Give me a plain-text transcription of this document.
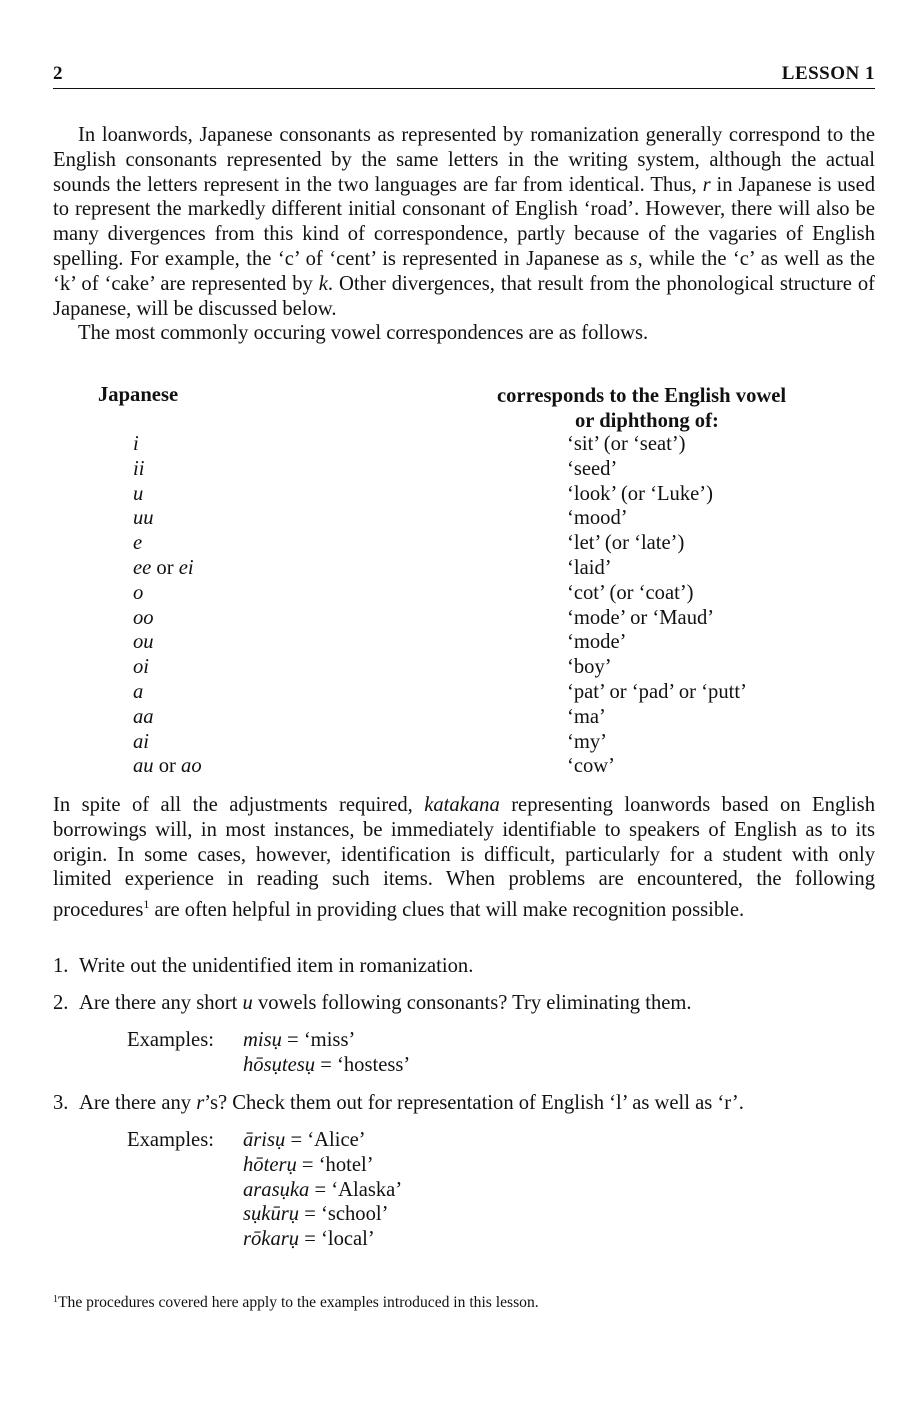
2	LESSON 1

In loanwords, Japanese consonants as represented by romanization generally correspond to the English consonants represented by the same letters in the writing system, although the actual sounds the letters represent in the two languages are far from identical. Thus, r in Japanese is used to represent the markedly different initial consonant of English ‘road’. However, there will also be many divergences from this kind of correspondence, partly because of the vagaries of English spelling. For example, the ‘c’ of ‘cent’ is represented in Japanese as s, while the ‘c’ as well as the ‘k’ of ‘cake’ are represented by k. Other divergences, that result from the phonological structure of Japanese, will be discussed below.

The most commonly occuring vowel correspondences are as follows.

Japanese	corresponds to the English vowel
or diphthong of:
i	‘sit’ (or ‘seat’)
ii	‘seed’
u	‘look’ (or ‘Luke’)
uu	‘mood’
e	‘let’ (or ‘late’)
ee or ei	‘laid’
o	‘cot’ (or ‘coat’)
oo	‘mode’ or ‘Maud’
ou	‘mode’
oi	‘boy’
a	‘pat’ or ‘pad’ or ‘putt’
aa	‘ma’
ai	‘my’
au or ao	‘cow’

In spite of all the adjustments required, katakana representing loanwords based on English borrowings will, in most instances, be immediately identifiable to speakers of English as to its origin. In some cases, however, identification is difficult, particularly for a student with only limited experience in reading such items. When problems are encountered, the following procedures$^1$ are often helpful in providing clues that will make recognition possible.

1. Write out the unidentified item in romanization.
2. Are there any short u vowels following consonants? Try eliminating them.
Examples: misụ = ‘miss’
hōsụtesụ = ‘hostess’
3. Are there any r’s? Check them out for representation of English ‘l’ as well as ‘r’.
Examples: ārisụ = ‘Alice’
hōterụ = ‘hotel’
arasụka = ‘Alaska’
sụkūrụ = ‘school’
rōkarụ = ‘local’
$^1$The procedures covered here apply to the examples introduced in this lesson.
